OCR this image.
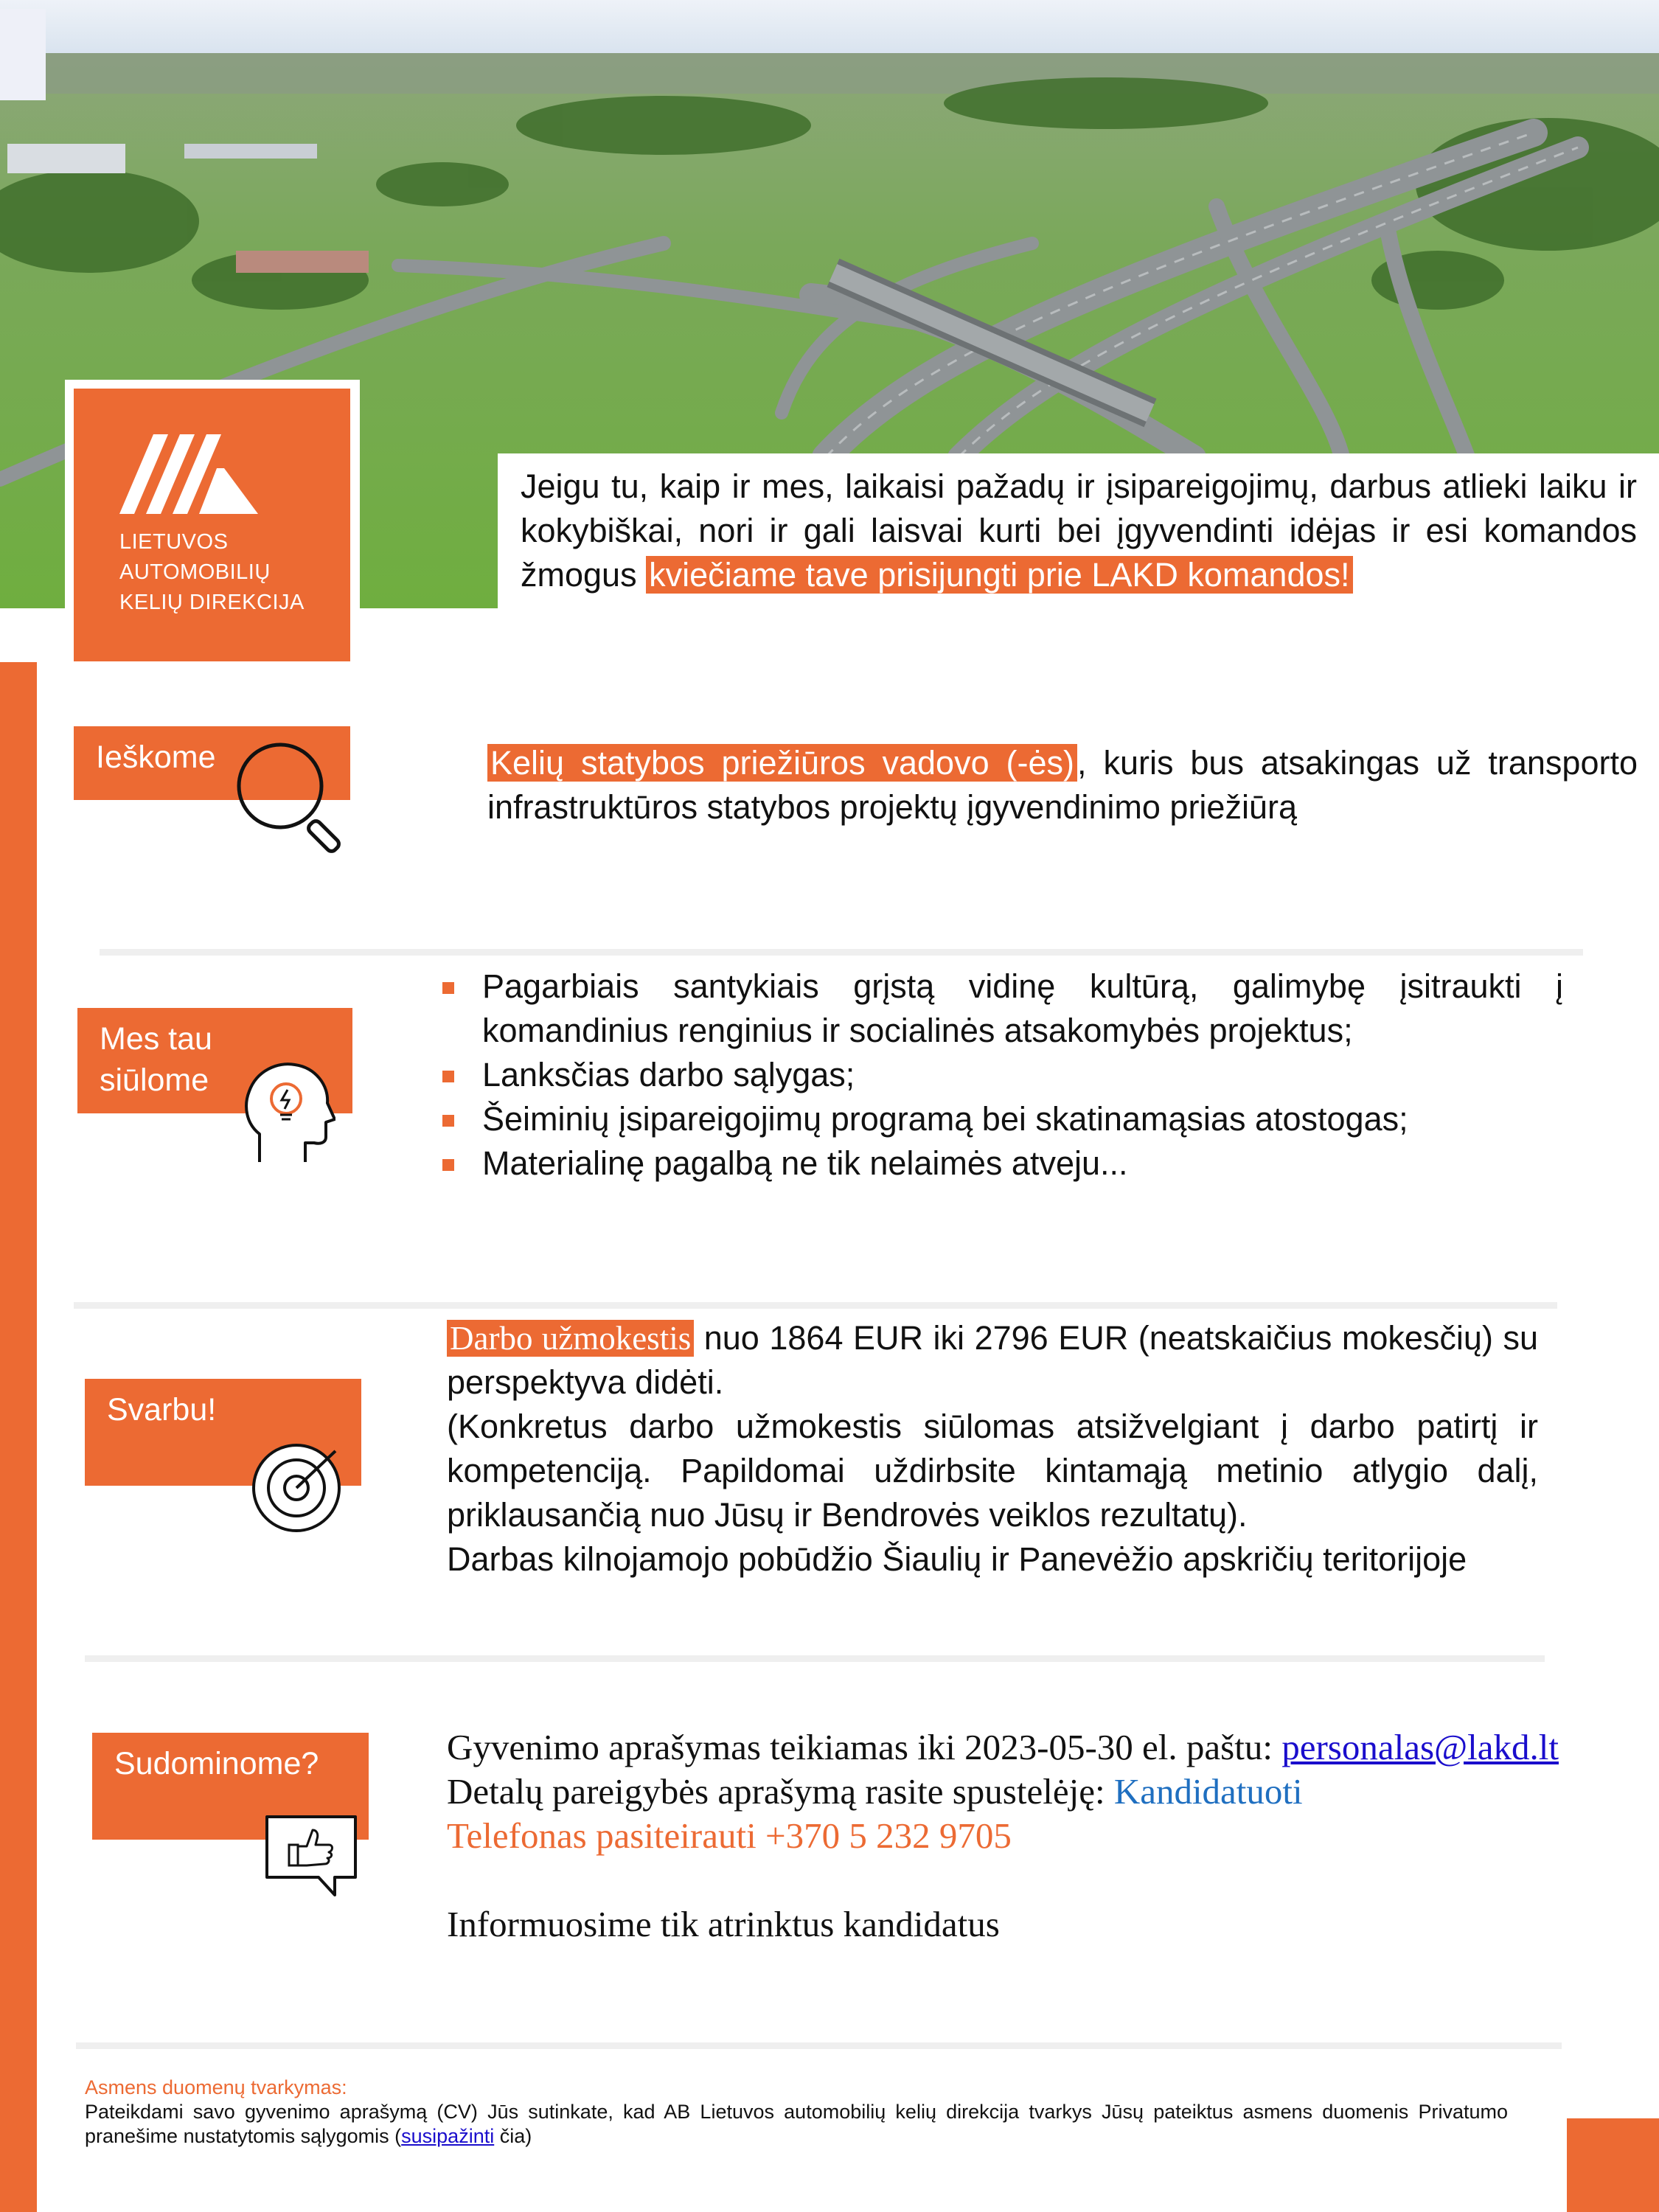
LIETUVOS
AUTOMOBILIŲ
KELIŲ DIREKCIJA
Jeigu tu, kaip ir mes, laikaisi pažadų ir įsipareigojimų, darbus atlieki laiku ir kokybiškai, nori ir gali laisvai kurti bei įgyvendinti idėjas ir esi komandos žmogus kviečiame tave prisijungti prie LAKD komandos!
Ieškome	Kelių statybos priežiūros vadovo (-ės), kuris bus atsakingas už transporto infrastruktūros statybos projektų įgyvendinimo priežiūrą
Mes tau
siūlome
Pagarbiais santykiais grįstą vidinę kultūrą, galimybę įsitraukti į komandinius renginius ir socialinės atsakomybės projektus;
Lanksčias darbo sąlygas;
Šeiminių įsipareigojimų programą bei skatinamąsias atostogas;
Materialinę pagalbą ne tik nelaimės atveju...
Svarbu!
Darbo užmokestis nuo 1864 EUR iki 2796 EUR (neatskaičius mokesčių) su perspektyva didėti.
(Konkretus darbo užmokestis siūlomas atsižvelgiant į darbo patirtį ir kompetenciją. Papildomai uždirbsite kintamąją metinio atlygio dalį, priklausančią nuo Jūsų ir Bendrovės veiklos rezultatų).
Darbas kilnojamojo pobūdžio Šiaulių ir Panevėžio apskričių teritorijoje
Sudominome?	Gyvenimo aprašymas teikiamas iki 2023-05-30 el. paštu: personalas@lakd.lt
Detalų pareigybės aprašymą rasite spustelėję: Kandidatuoti
Telefonas pasiteirauti +370 5 232 9705
Informuosime tik atrinktus kandidatus
Asmens duomenų tvarkymas:
Pateikdami savo gyvenimo aprašymą (CV) Jūs sutinkate, kad AB Lietuvos automobilių kelių direkcija tvarkys Jūsų pateiktus asmens duomenis Privatumo pranešime nustatytomis sąlygomis (susipažinti čia)
